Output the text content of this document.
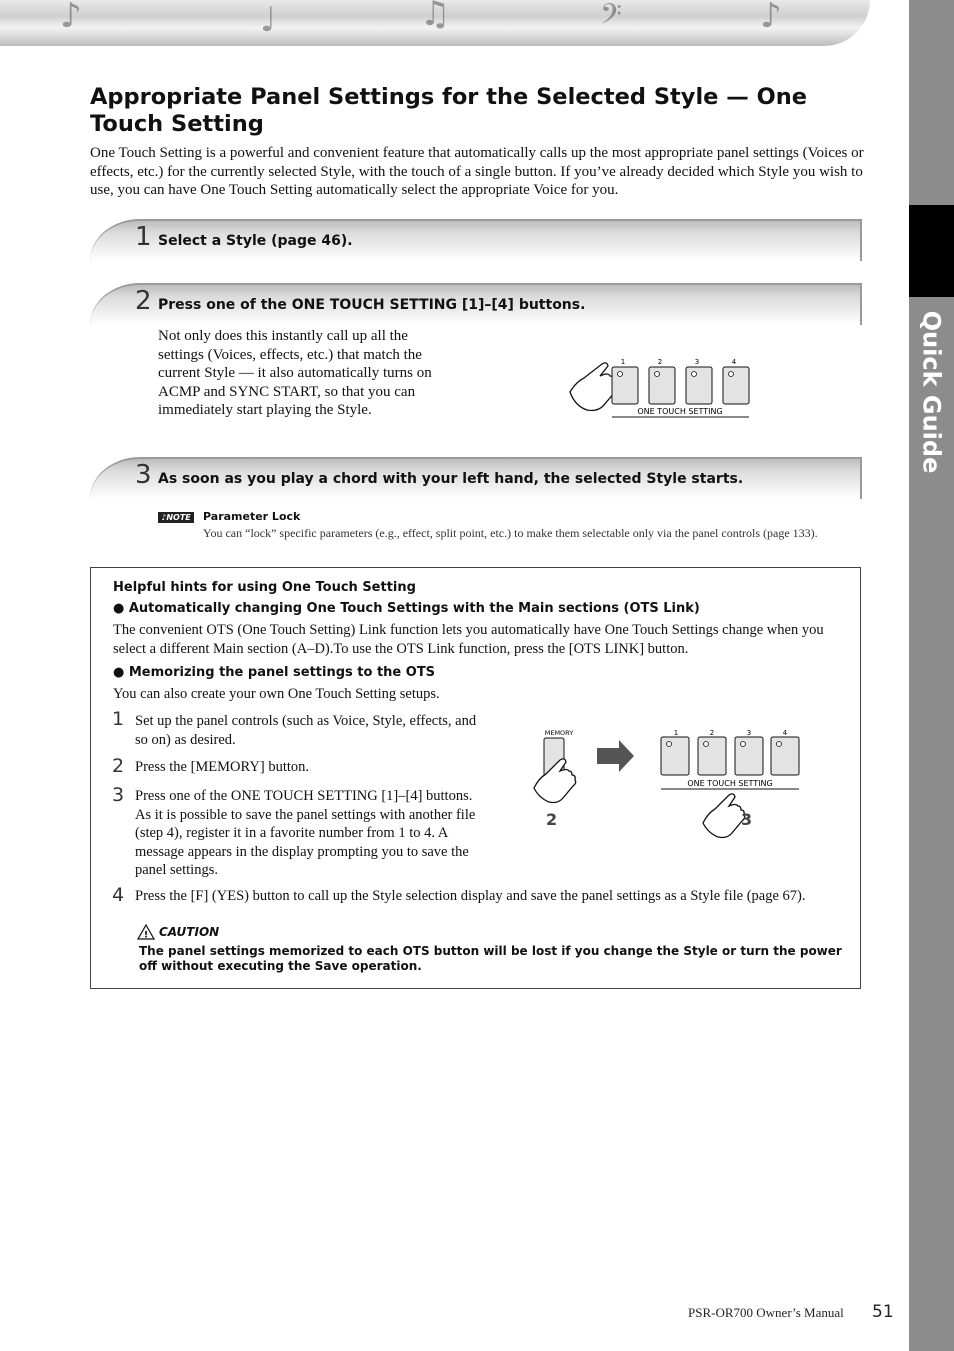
♪	♩	♫	𝄢	♪
Quick Guide
Appropriate Panel Settings for the Selected Style — One Touch Setting

One Touch Setting is a powerful and convenient feature that automatically calls up the most appropriate panel settings (Voices or effects, etc.) for the currently selected Style, with the touch of a single button. If you’ve already decided which Style you wish to use, you can have One Touch Setting automatically select the appropriate Voice for you.

1 Select a Style (page 46).
2 Press one of the ONE TOUCH SETTING [1]–[4] buttons.

Not only does this instantly call up all the settings (Voices, effects, etc.) that match the current Style — it also automatically turns on ACMP and SYNC START, so that you can immediately start playing the Style.

1	2	3	4
ONE TOUCH SETTING
3 As soon as you play a chord with your left hand, the selected Style starts.
♪NOTE Parameter Lock
You can “lock” specific parameters (e.g., effect, split point, etc.) to make them selectable only via the panel controls (page 133).
Helpful hints for using One Touch Setting
● Automatically changing One Touch Settings with the Main sections (OTS Link)

The convenient OTS (One Touch Setting) Link function lets you automatically have One Touch Settings change when you select a different Main section (A–D).To use the OTS Link function, press the [OTS LINK] button.

● Memorizing the panel settings to the OTS

You can also create your own One Touch Setting setups.

1 Set up the panel controls (such as Voice, Style, effects, and so on) as desired.

2 Press the [MEMORY] button.

3 Press one of the ONE TOUCH SETTING [1]–[4] buttons. As it is possible to save the panel settings with another file (step 4), register it in a favorite number from 1 to 4. A message appears in the display prompting you to save the panel settings.

4 Press the [F] (YES) button to call up the Style selection display and save the panel settings as a Style file (page 67).

MEMORY	1	2	3	4
ONE TOUCH SETTING
2	3
! CAUTION
The panel settings memorized to each OTS button will be lost if you change the Style or turn the power off without executing the Save operation.
PSR-OR700 Owner’s Manual 51
